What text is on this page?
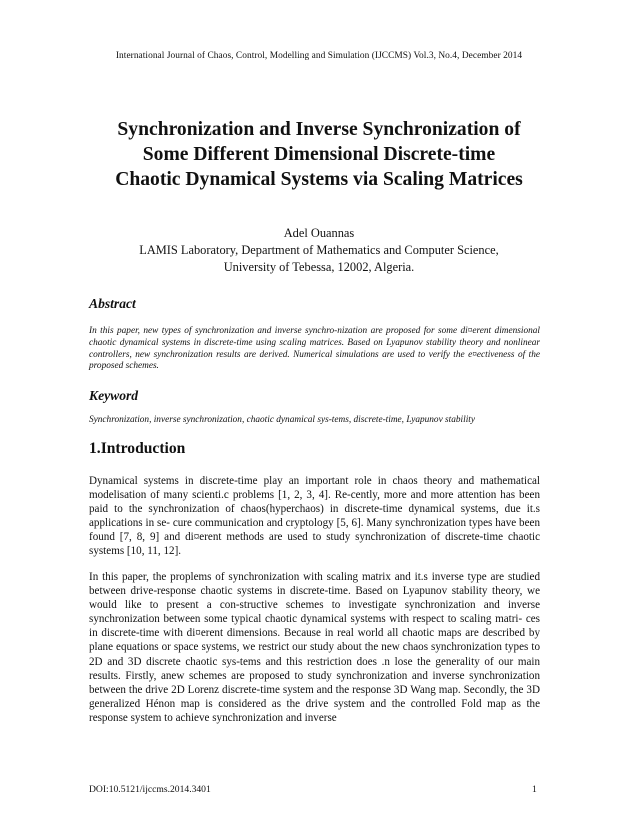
International Journal of Chaos, Control, Modelling and Simulation (IJCCMS) Vol.3, No.4, December 2014
Synchronization and Inverse Synchronization of
Some Different Dimensional Discrete-time
Chaotic Dynamical Systems via Scaling Matrices
Adel Ouannas
LAMIS Laboratory, Department of Mathematics and Computer Science,
University of Tebessa, 12002, Algeria.
Abstract
In this paper, new types of synchronization and inverse synchro-nization are proposed for some di¤erent dimensional chaotic dynamical systems in discrete-time using scaling matrices. Based on Lyapunov stability theory and nonlinear controllers, new synchronization results are derived. Numerical simulations are used to verify the e¤ectiveness of the proposed schemes.
Keyword
Synchronization, inverse synchronization, chaotic dynamical sys-tems, discrete-time, Lyapunov stability
1.Introduction
Dynamical systems in discrete-time play an important role in chaos theory and mathematical modelisation of many scienti.c problems [1, 2, 3, 4]. Re-cently, more and more attention has been paid to the synchronization of chaos(hyperchaos) in discrete-time dynamical systems, due it.s applications in se- cure communication and cryptology [5, 6]. Many synchronization types have been found [7, 8, 9] and di¤erent methods are used to study synchronization of discrete-time chaotic systems [10, 11, 12].
In this paper, the proplems of synchronization with scaling matrix and it.s inverse type are studied between drive-response chaotic systems in discrete-time. Based on Lyapunov stability theory, we would like to present a con-structive schemes to investigate synchronization and inverse synchronization between some typical chaotic dynamical systems with respect to scaling matri- ces in discrete-time with di¤erent dimensions. Because in real world all chaotic maps are described by plane equations or space systems, we restrict our study about the new chaos synchronization types to 2D and 3D discrete chaotic sys-tems and this restriction does .n lose the generality of our main results. Firstly, anew schemes are proposed to study synchronization and inverse synchronization between the drive 2D Lorenz discrete-time system and the response 3D Wang map. Secondly, the 3D generalized Hénon map is considered as the drive system and the controlled Fold map as the response system to achieve synchronization and inverse
DOI:10.5121/ijccms.2014.3401	1
